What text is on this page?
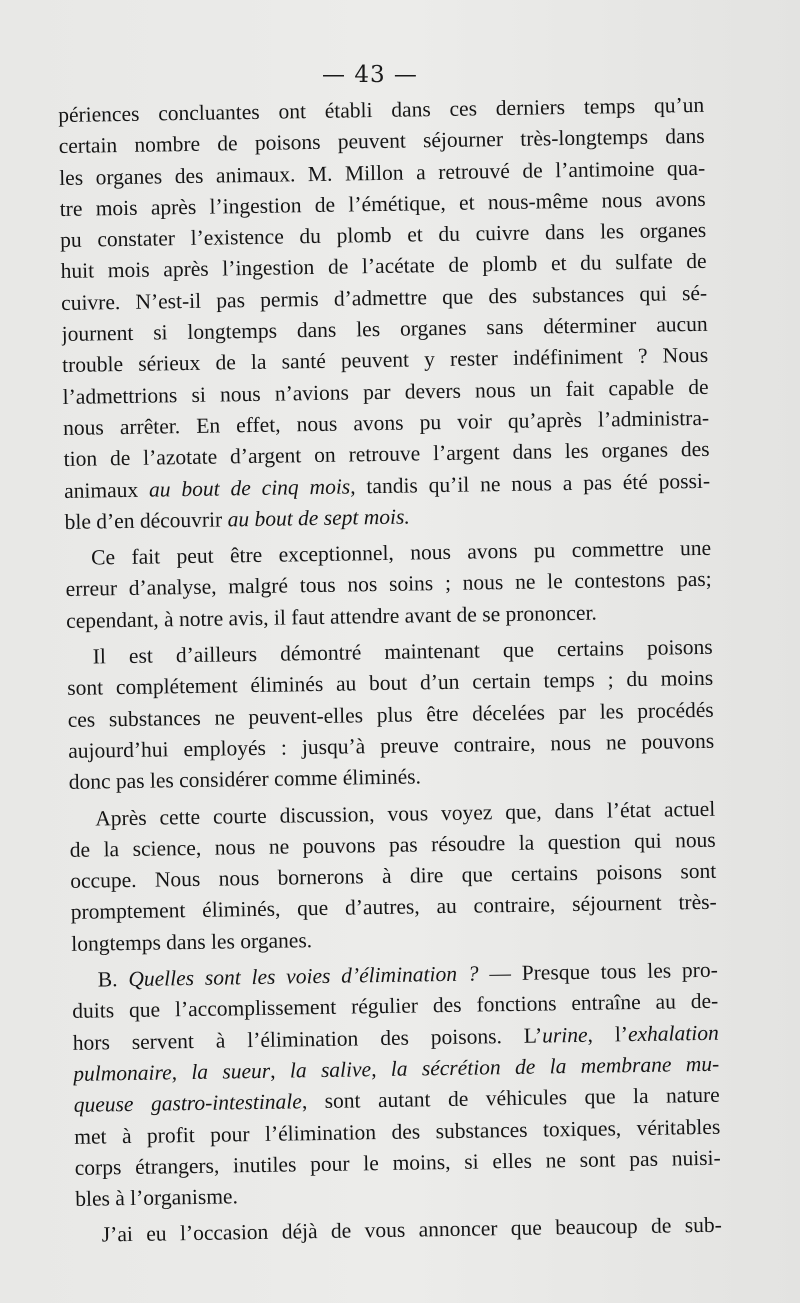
— 43 —
périences concluantes ont établi dans ces derniers temps qu’un
certain nombre de poisons peuvent séjourner très-longtemps dans
les organes des animaux. M. Millon a retrouvé de l’antimoine qua-
tre mois après l’ingestion de l’émétique, et nous-même nous avons
pu constater l’existence du plomb et du cuivre dans les organes
huit mois après l’ingestion de l’acétate de plomb et du sulfate de
cuivre. N’est-il pas permis d’admettre que des substances qui sé-
journent si longtemps dans les organes sans déterminer aucun
trouble sérieux de la santé peuvent y rester indéfiniment ? Nous
l’admettrions si nous n’avions par devers nous un fait capable de
nous arrêter. En effet, nous avons pu voir qu’après l’administra-
tion de l’azotate d’argent on retrouve l’argent dans les organes des
animaux au bout de cinq mois, tandis qu’il ne nous a pas été possi-
ble d’en découvrir au bout de sept mois.
Ce fait peut être exceptionnel, nous avons pu commettre une
erreur d’analyse, malgré tous nos soins ; nous ne le contestons pas;
cependant, à notre avis, il faut attendre avant de se prononcer.
Il est d’ailleurs démontré maintenant que certains poisons
sont complétement éliminés au bout d’un certain temps ; du moins
ces substances ne peuvent-elles plus être décelées par les procédés
aujourd’hui employés : jusqu’à preuve contraire, nous ne pouvons
donc pas les considérer comme éliminés.
Après cette courte discussion, vous voyez que, dans l’état actuel
de la science, nous ne pouvons pas résoudre la question qui nous
occupe. Nous nous bornerons à dire que certains poisons sont
promptement éliminés, que d’autres, au contraire, séjournent très-
longtemps dans les organes.
B. Quelles sont les voies d’élimination ? — Presque tous les pro-
duits que l’accomplissement régulier des fonctions entraîne au de-
hors servent à l’élimination des poisons. L’urine, l’exhalation
pulmonaire, la sueur, la salive, la sécrétion de la membrane mu-
queuse gastro-intestinale, sont autant de véhicules que la nature
met à profit pour l’élimination des substances toxiques, véritables
corps étrangers, inutiles pour le moins, si elles ne sont pas nuisi-
bles à l’organisme.
J’ai eu l’occasion déjà de vous annoncer que beaucoup de sub-
